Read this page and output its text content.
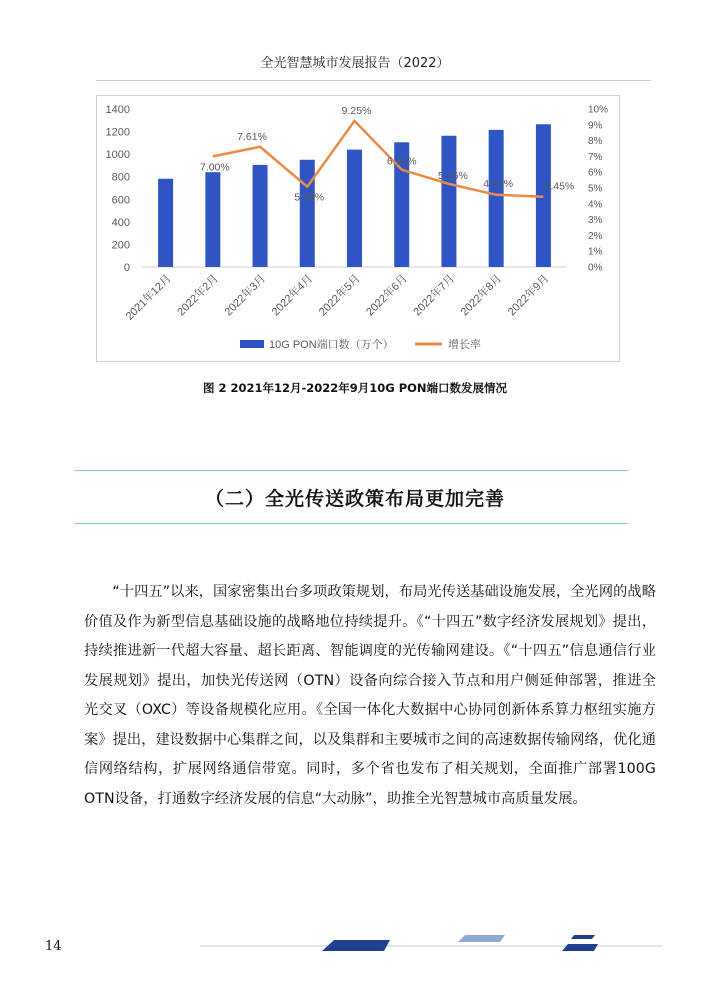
全光智慧城市发展报告（2022）
0
200
400
600
800
1000
1200
1400
0%
1%
2%
3%
4%
5%
6%
7%
8%
9%
10%
7.00%
7.61%
5.08%
9.25%
6.16%
5.26%
4.57%	4.45%
2021年12月 2022年2月 2022年3月 2022年4月 2022年5月 2022年6月 2022年7月 2022年8月 2022年9月
10G PON端口数（万个）	增长率
图 2 2021年12月-2022年9月10G PON端口数发展情况
（二）全光传送政策布局更加完善
“十四五”以来，国家密集出台多项政策规划，布局光传送基础设施发展，全光网的战略价值及作为新型信息基础设施的战略地位持续提升。《“十四五”数字经济发展规划》提出，持续推进新一代超大容量、超长距离、智能调度的光传输网建设。《“十四五”信息通信行业发展规划》提出，加快光传送网（OTN）设备向综合接入节点和用户侧延伸部署，推进全光交叉（OXC）等设备规模化应用。《全国一体化大数据中心协同创新体系算力枢纽实施方案》提出，建设数据中心集群之间，以及集群和主要城市之间的高速数据传输网络，优化通信网络结构，扩展网络通信带宽。同时，多个省也发布了相关规划，全面推广部署100G OTN设备，打通数字经济发展的信息“大动脉”，助推全光智慧城市高质量发展。
14
